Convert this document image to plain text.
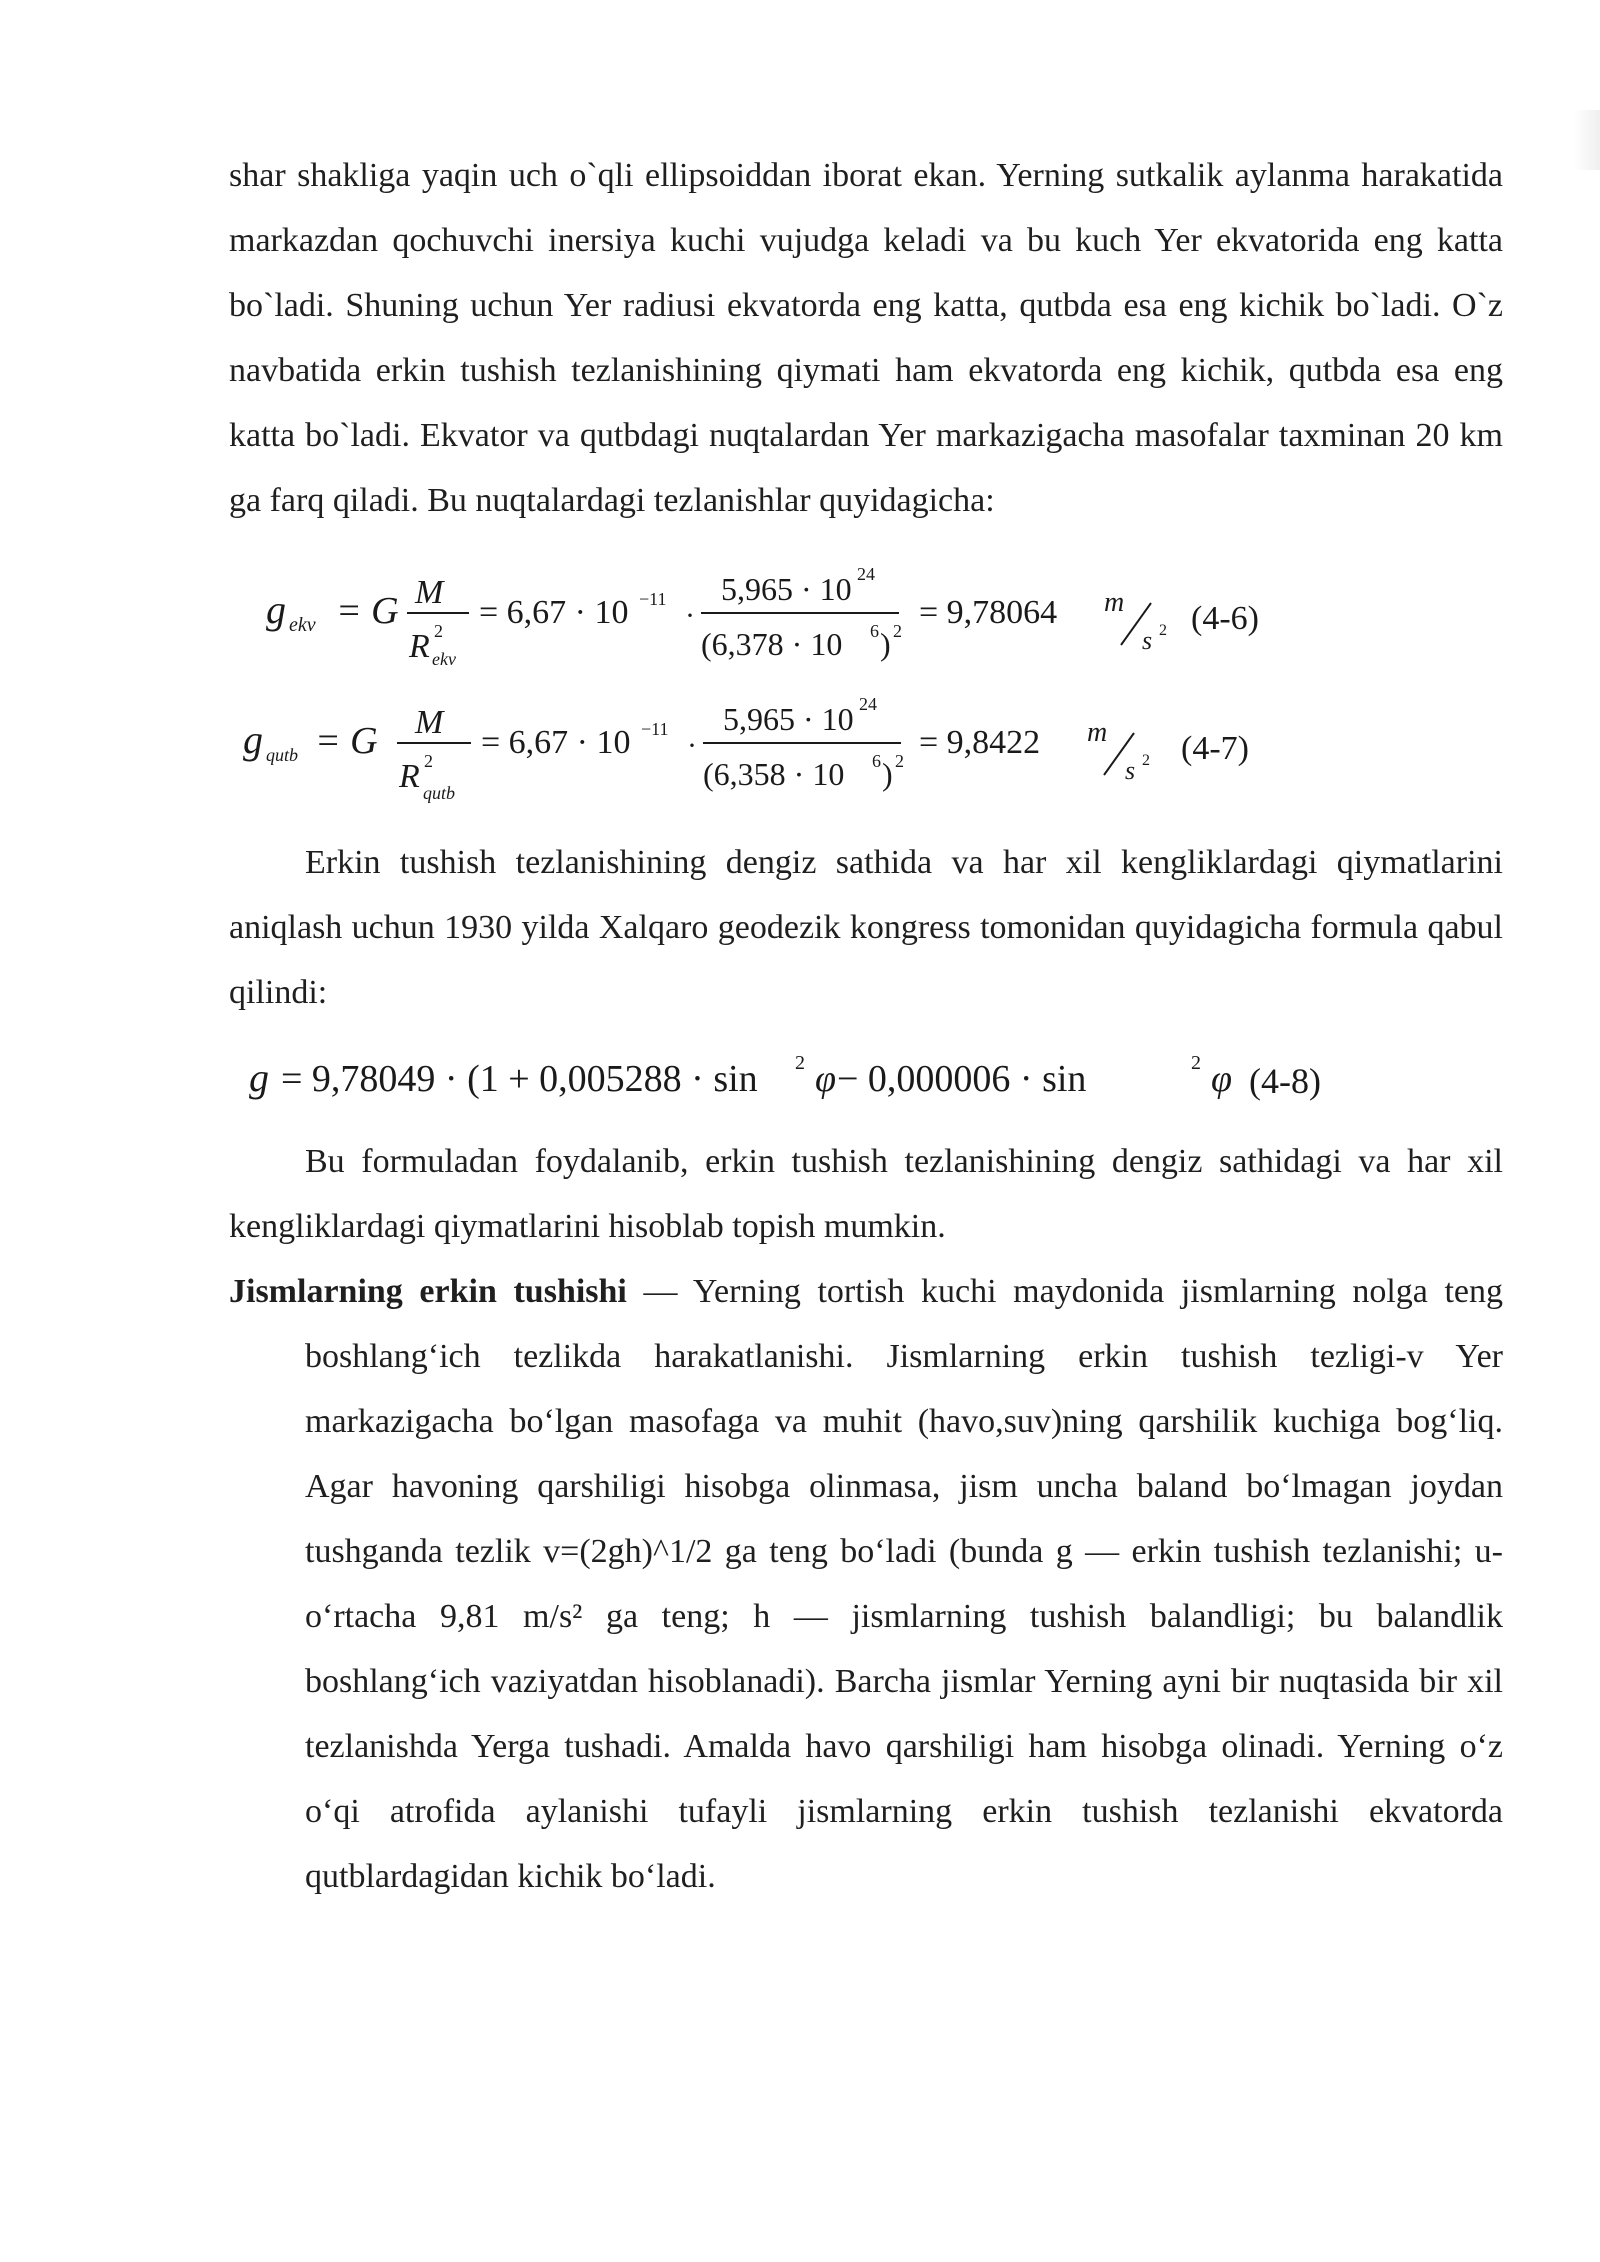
shar shakliga yaqin uch o`qli ellipsoiddan iborat ekan. Yerning sutkalik aylanma harakatida markazdan qochuvchi inersiya kuchi vujudga keladi va bu kuch Yer ekvatorida eng katta bo`ladi. Shuning uchun Yer radiusi ekvatorda eng katta, qutbda esa eng kichik bo`ladi. O`z navbatida erkin tushish tezlanishining qiymati ham ekvatorda eng kichik, qutbda esa eng katta bo`ladi. Ekvator va qutbdagi nuqtalardan Yer markazigacha masofalar taxminan 20 km ga farq qiladi. Bu nuqtalardagi tezlanishlar quyidagicha:

g ekv = G M
R 2
ekv
= 6,67 · 10 −11 ·
5,965 · 10 24
(6,378 · 10 6 ) 2 = 9,78064 m
s 2 (4-6)
g qutb = G M
R 2
qutb
= 6,67 · 10 −11 ·
5,965 · 10 24
(6,358 · 10 6 ) 2 = 9,8422 m
s 2 (4-7)

Erkin tushish tezlanishining dengiz sathida va har xil kengliklardagi qiymatlarini aniqlash uchun 1930 yilda Xalqaro geodezik kongress tomonidan quyidagicha formula qabul qilindi:

g = 9,78049 · (1 + 0,005288 · sin 2 φ − 0,000006 · sin	2 φ (4-8)

Bu formuladan foydalanib, erkin tushish tezlanishining dengiz sathidagi va har xil kengliklardagi qiymatlarini hisoblab topish mumkin.

Jismlarning erkin tushishi — Yerning tortish kuchi maydonida jismlarning nolga teng boshlang‘ich tezlikda harakatlanishi. Jismlarning erkin tushish tezligi-v Yer markazigacha bo‘lgan masofaga va muhit (havo,suv)ning qarshilik kuchiga bog‘liq. Agar havoning qarshiligi hisobga olinmasa, jism uncha baland bo‘lmagan joydan tushganda tezlik v=(2gh)^1/2 ga teng bo‘ladi (bunda g — erkin tushish tezlanishi; u-o‘rtacha 9,81 m/s² ga teng; h — jismlarning tushish balandligi; bu balandlik boshlang‘ich vaziyatdan hisoblanadi). Barcha jismlar Yerning ayni bir nuqtasida bir xil tezlanishda Yerga tushadi. Amalda havo qarshiligi ham hisobga olinadi. Yerning o‘z o‘qi atrofida aylanishi tufayli jismlarning erkin tushish tezlanishi ekvatorda qutblardagidan kichik bo‘ladi.
